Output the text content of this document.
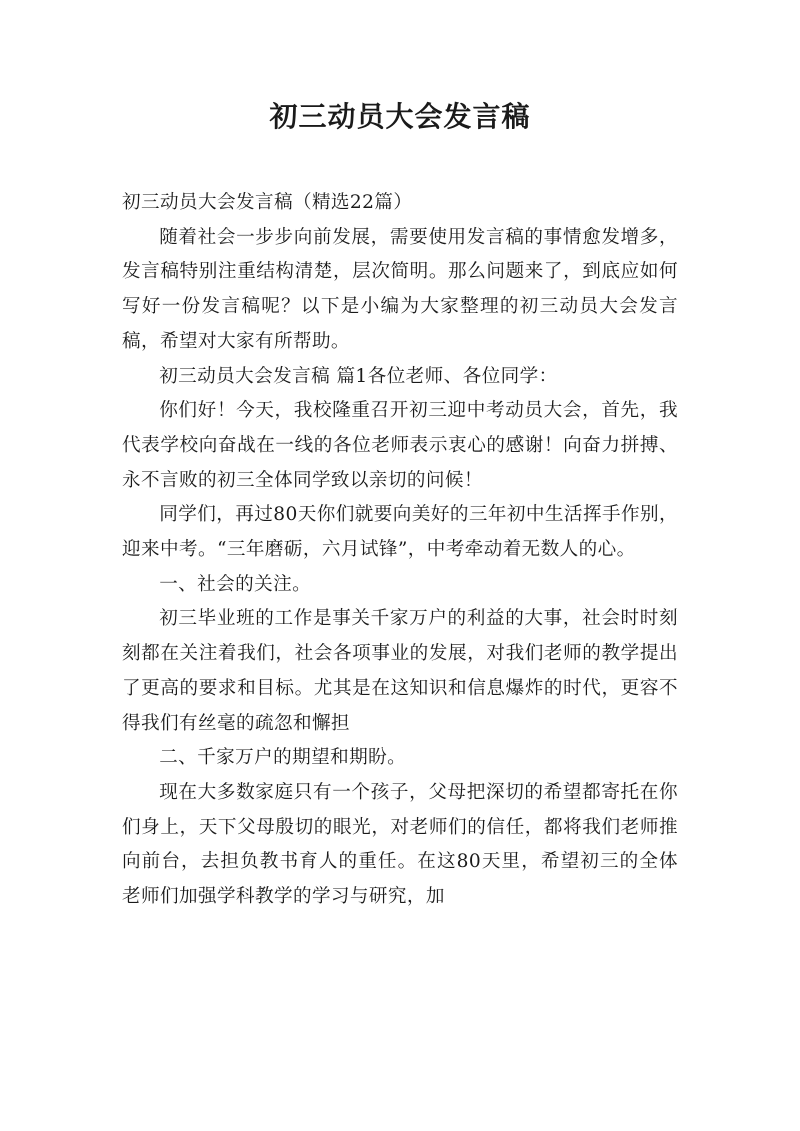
初三动员大会发言稿

初三动员大会发言稿（精选22篇）

随着社会一步步向前发展，需要使用发言稿的事情愈发增多，发言稿特别注重结构清楚，层次简明。那么问题来了，到底应如何写好一份发言稿呢？以下是小编为大家整理的初三动员大会发言稿，希望对大家有所帮助。

初三动员大会发言稿 篇1各位老师、各位同学：

你们好！今天，我校隆重召开初三迎中考动员大会，首先，我代表学校向奋战在一线的各位老师表示衷心的感谢！向奋力拼搏、永不言败的初三全体同学致以亲切的问候！

同学们，再过80天你们就要向美好的三年初中生活挥手作别，迎来中考。“三年磨砺，六月试锋”，中考牵动着无数人的心。

一、社会的关注。

初三毕业班的工作是事关千家万户的利益的大事，社会时时刻刻都在关注着我们，社会各项事业的发展，对我们老师的教学提出了更高的要求和目标。尤其是在这知识和信息爆炸的时代，更容不得我们有丝毫的疏忽和懈担

二、千家万户的期望和期盼。

现在大多数家庭只有一个孩子，父母把深切的希望都寄托在你们身上，天下父母殷切的眼光，对老师们的信任，都将我们老师推向前台，去担负教书育人的重任。在这80天里，希望初三的全体老师们加强学科教学的学习与研究，加
